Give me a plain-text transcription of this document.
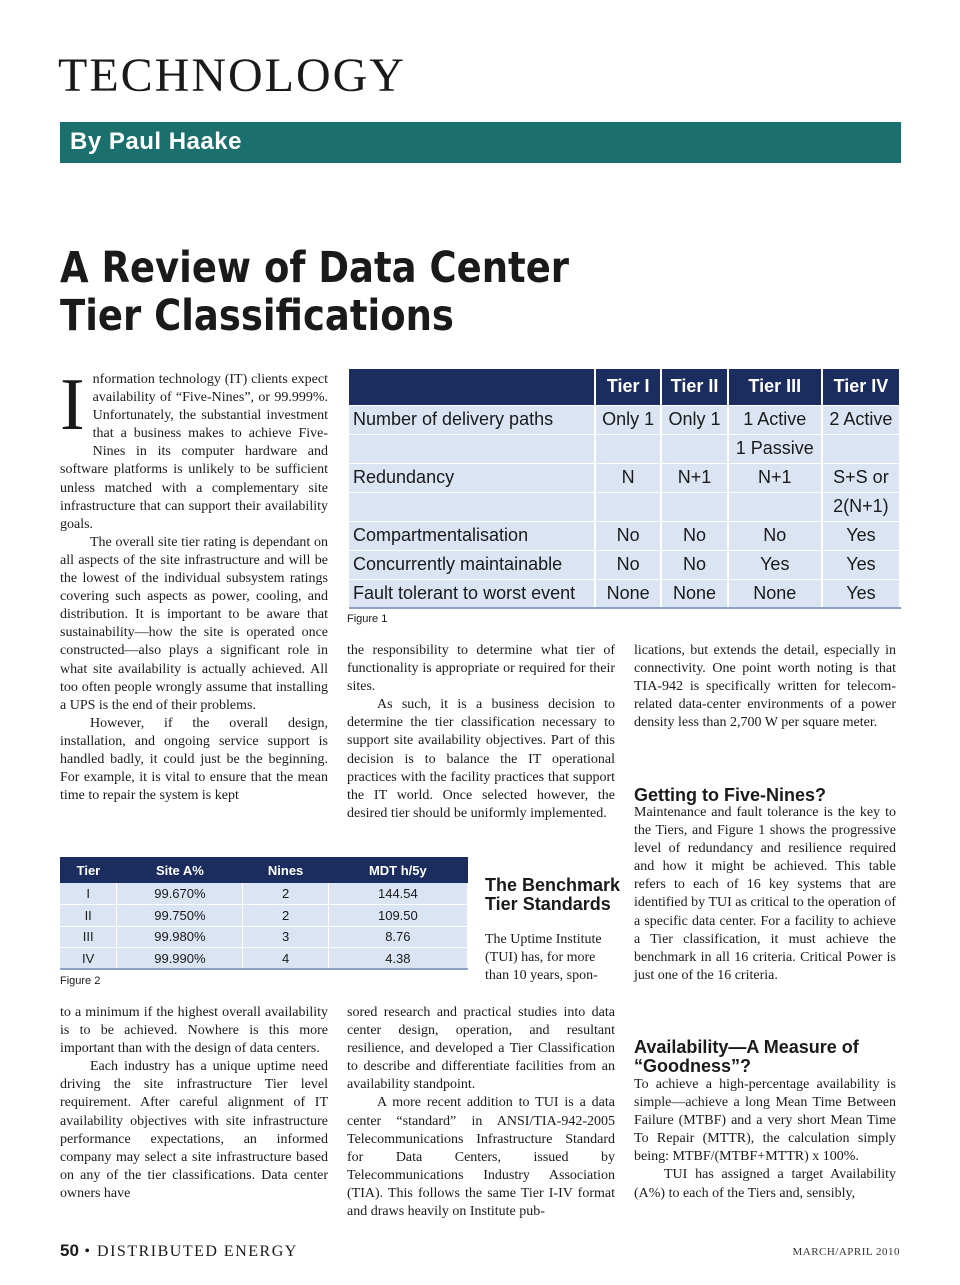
TECHNOLOGY
By Paul Haake
A Review of Data Center
Tier Classifications
I nformation technology (IT) clients expect availability of “Five-Nines”, or 99.999%. Unfortunately, the substantial investment that a business makes to achieve Five-Nines in its computer hardware and software platforms is unlikely to be sufficient unless matched with a complementary site infrastructure that can support their availability goals.

The overall site tier rating is dependant on all aspects of the site infrastructure and will be the lowest of the individual subsystem ratings covering such aspects as power, cooling, and distribution. It is important to be aware that sustainability—how the site is operated once constructed—also plays a significant role in what site availability is actually achieved. All too often people wrongly assume that installing a UPS is the end of their problems.

However, if the overall design, installation, and ongoing service support is handled badly, it could just be the beginning. For example, it is vital to ensure that the mean time to repair the system is kept

	Tier I	Tier II	Tier III	Tier IV
Number of delivery paths	Only 1	Only 1	1 Active	2 Active
			1 Passive	
Redundancy	N	N+1	N+1	S+S or
				2(N+1)
Compartmentalisation	No	No	No	Yes
Concurrently maintainable	No	No	Yes	Yes
Fault tolerant to worst event	None	None	None	Yes
Figure 1

the responsibility to determine what tier of functionality is appropriate or required for their sites.

As such, it is a business decision to determine the tier classification necessary to support site availability objectives. Part of this decision is to balance the IT operational practices with the facility practices that support the IT world. Once selected however, the desired tier should be uniformly implemented.

lications, but extends the detail, especially in connectivity. One point worth noting is that TIA-942 is specifically written for telecom-related data-center environments of a power density less than 2,700 W per square meter.

Tier	Site A%	Nines	MDT h/5y
I	99.670%	2	144.54
II	99.750%	2	109.50
III	99.980%	3	8.76
IV	99.990%	4	4.38
Figure 2
The Benchmark Tier Standards

The Uptime Institute (TUI) has, for more than 10 years, spon-

to a minimum if the highest overall availability is to be achieved. Nowhere is this more important than with the design of data centers.

Each industry has a unique uptime need driving the site infrastructure Tier level requirement. After careful alignment of IT availability objectives with site infrastructure performance expectations, an informed company may select a site infrastructure based on any of the tier classifications. Data center owners have

sored research and practical studies into data center design, operation, and resultant resilience, and developed a Tier Classification to describe and differentiate facilities from an availability standpoint.

A more recent addition to TUI is a data center “standard” in ANSI/TIA-942-2005 Telecommunications Infrastructure Standard for Data Centers, issued by Telecommunications Industry Association (TIA). This follows the same Tier I-IV format and draws heavily on Institute pub-

Getting to Five-Nines?

Maintenance and fault tolerance is the key to the Tiers, and Figure 1 shows the progressive level of redundancy and resilience required and how it might be achieved. This table refers to each of 16 key systems that are identified by TUI as critical to the operation of a specific data center. For a facility to achieve a Tier classification, it must achieve the benchmark in all 16 criteria. Critical Power is just one of the 16 criteria.

Availability—A Measure of “Goodness”?

To achieve a high-percentage availability is simple—achieve a long Mean Time Between Failure (MTBF) and a very short Mean Time To Repair (MTTR), the calculation simply being: MTBF/(MTBF+MTTR) x 100%.

TUI has assigned a target Availability (A%) to each of the Tiers and, sensibly,

50 • DISTRIBUTED ENERGY	MARCH/APRIL 2010
